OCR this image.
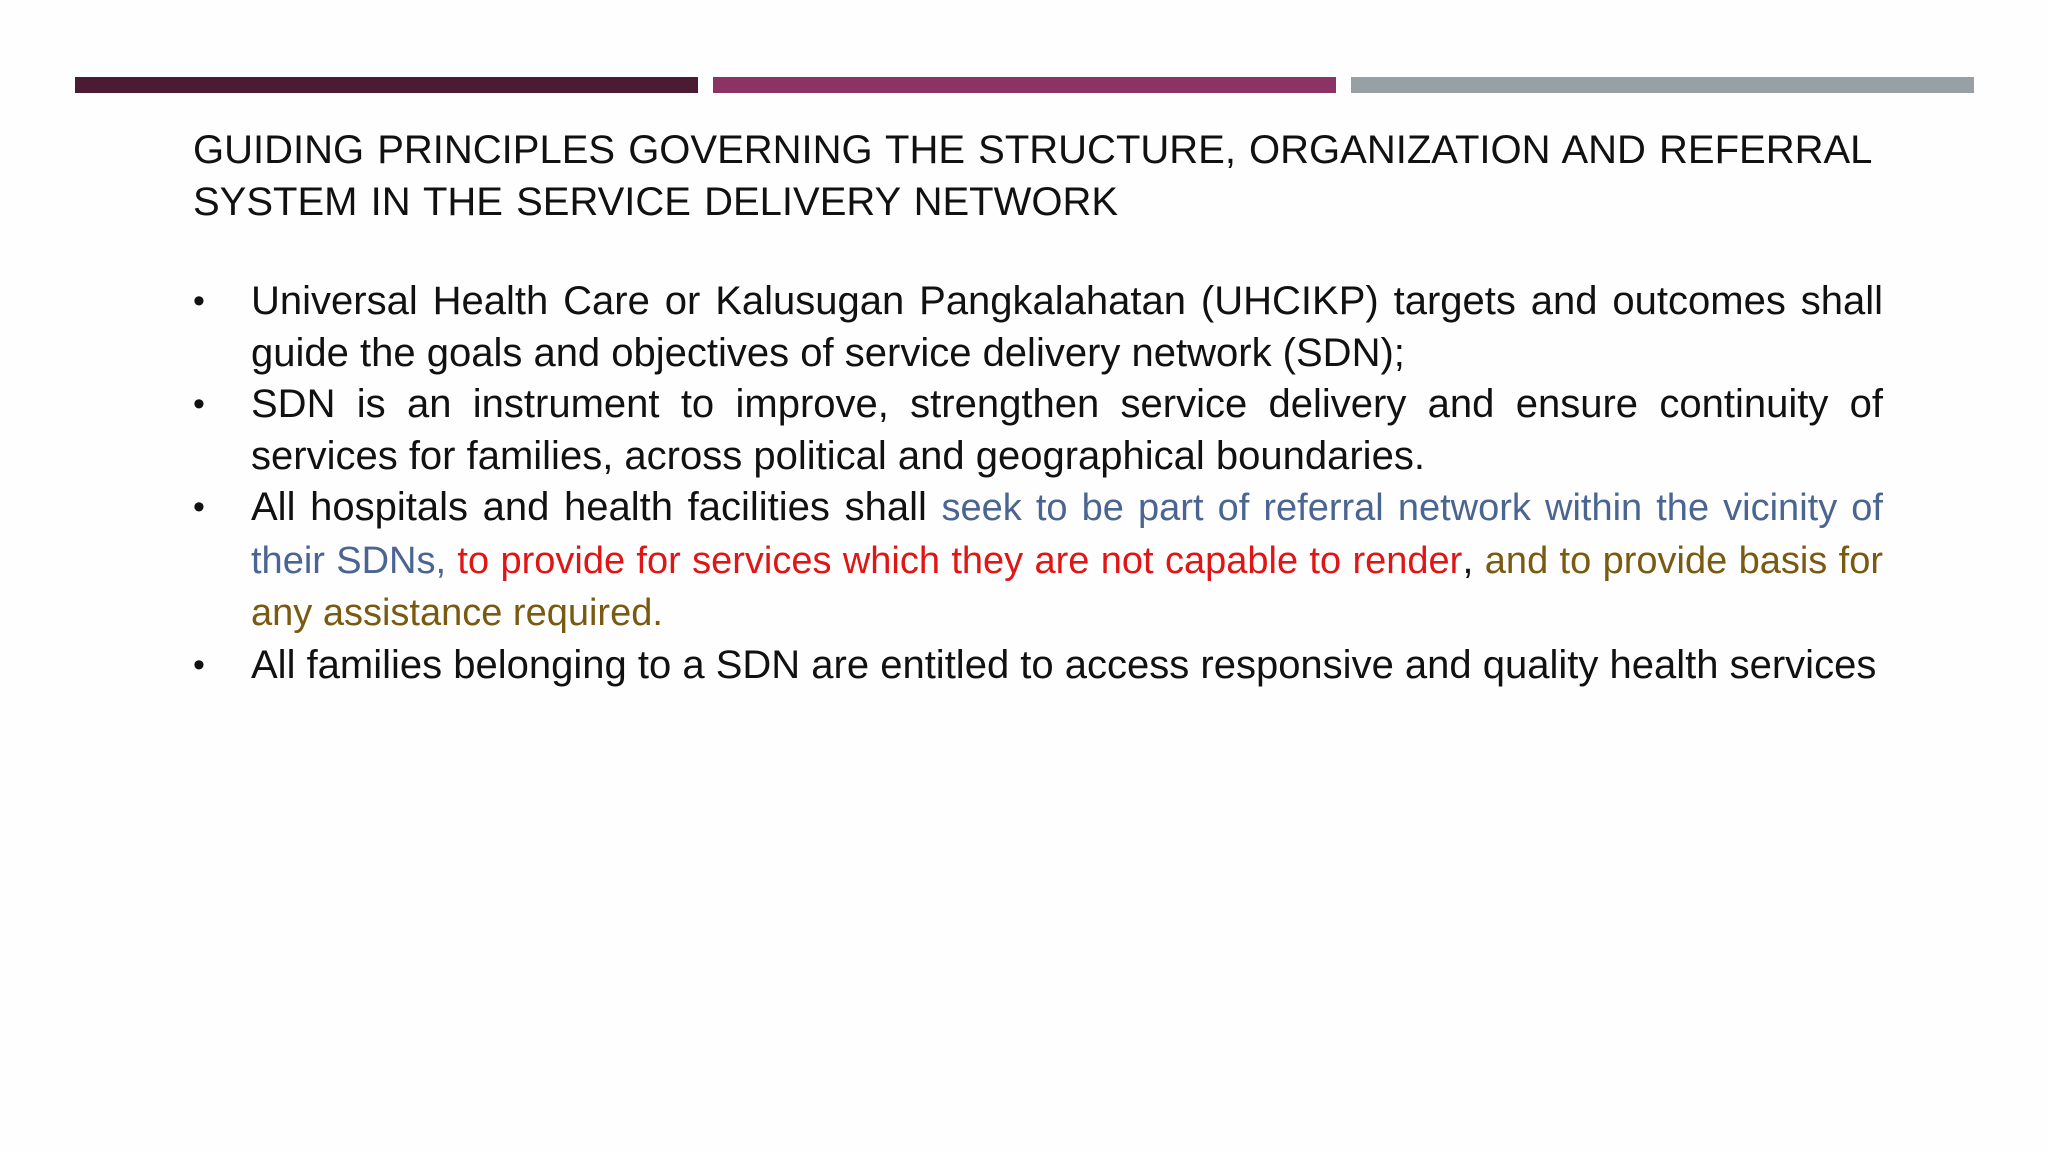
GUIDING PRINCIPLES GOVERNING THE STRUCTURE, ORGANIZATION AND REFERRAL SYSTEM IN THE SERVICE DELIVERY NETWORK
• Universal Health Care or Kalusugan Pangkalahatan (UHCIKP) targets and outcomes shall guide the goals and objectives of service delivery network (SDN);
• SDN is an instrument to improve, strengthen service delivery and ensure continuity of services for families, across political and geographical boundaries.
• All hospitals and health facilities shall seek to be part of referral network within the vicinity of their SDNs, to provide for services which they are not capable to render, and to provide basis for any assistance required.
• All families belonging to a SDN are entitled to access responsive and quality health services
